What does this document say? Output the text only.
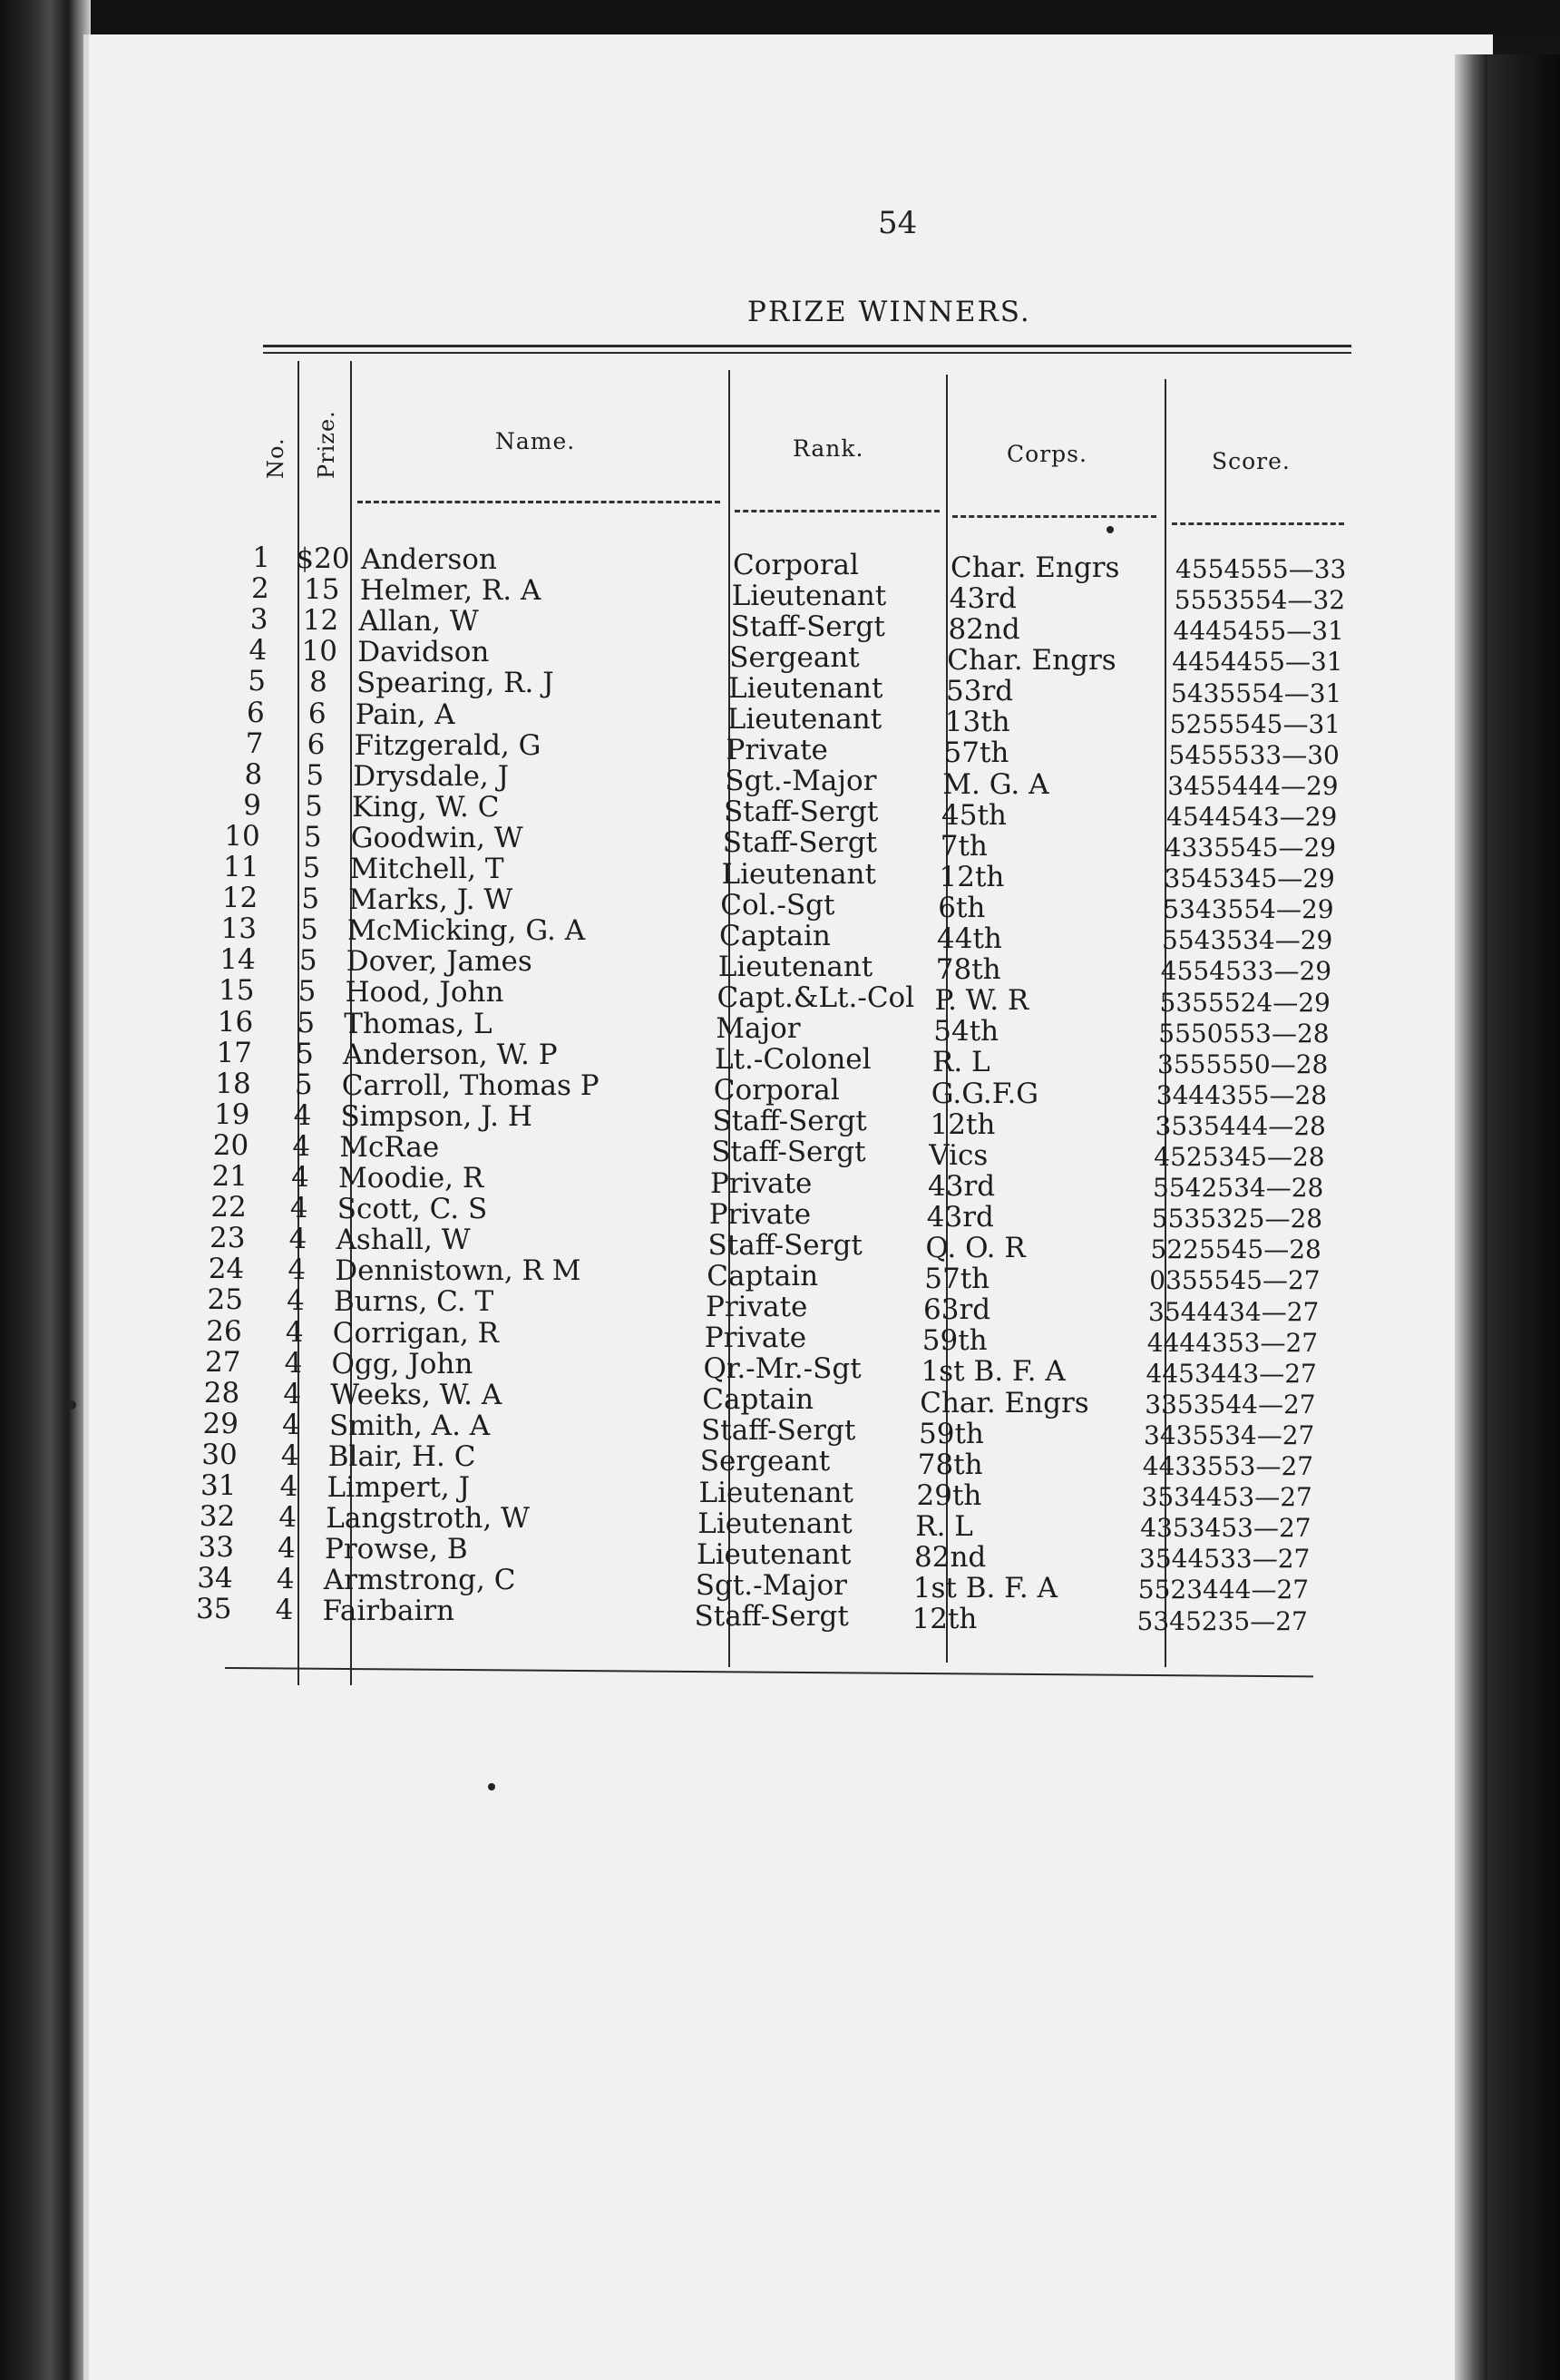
54
PRIZE WINNERS.
No. Prize.	Name.	Rank.	Corps.	Score.
1 $20 Anderson	Corporal	Char. Engrs 4554555—33
2	15 Helmer, R. A	Lieutenant 43rd	5553554—32
3	12 Allan, W	Staff-Sergt 82nd	4445455—31
4	10 Davidson	Sergeant	Char. Engrs 4454455—31
5	8	Spearing, R. J	Lieutenant 53rd	5435554—31
6	6	Pain, A	Lieutenant 13th	5255545—31
7	6	Fitzgerald, G	Private	57th	5455533—30
8	5	Drysdale, J	Sgt.-Major M. G. A	3455444—29
9	5	King, W. C	Staff-Sergt 45th	4544543—29
10	5	Goodwin, W	Staff-Sergt 7th	4335545—29
11	5	Mitchell, T	Lieutenant 12th	3545345—29
12	5	Marks, J. W	Col.-Sgt	6th	5343554—29
13	5	McMicking, G. A	Captain	44th	5543534—29
14	5	Dover, James	Lieutenant 78th	4554533—29
15	5	Hood, John	Capt.&Lt.-Col P. W. R	5355524—29
16	5	Thomas, L	Major	54th	5550553—28
17	5	Anderson, W. P	Lt.-Colonel R. L	3555550—28
18	5	Carroll, Thomas P	Corporal	G.G.F.G	3444355—28
19	4	Simpson, J. H	Staff-Sergt 12th	3535444—28
20	4	McRae	Staff-Sergt Vics	4525345—28
21	4	Moodie, R	Private	43rd	5542534—28
22	4	Scott, C. S	Private	43rd	5535325—28
23	4	Ashall, W	Staff-Sergt Q. O. R	5225545—28
24	4	Dennistown, R M	Captain	57th	0355545—27
25	4	Burns, C. T	Private	63rd	3544434—27
26	4	Corrigan, R	Private	59th	4444353—27
27	4	Ogg, John	Qr.-Mr.-Sgt 1st B. F. A	4453443—27
28	4	Weeks, W. A	Captain	Char. Engrs 3353544—27
29	4	Smith, A. A	Staff-Sergt 59th	3435534—27
30	4	Blair, H. C	Sergeant	78th	4433553—27
31	4	Limpert, J	Lieutenant 29th	3534453—27
32	4	Langstroth, W	Lieutenant R. L	4353453—27
33	4	Prowse, B	Lieutenant 82nd	3544533—27
34	4	Armstrong, C	Sgt.-Major 1st B. F. A	5523444—27
35	4	Fairbairn	Staff-Sergt 12th	5345235—27
